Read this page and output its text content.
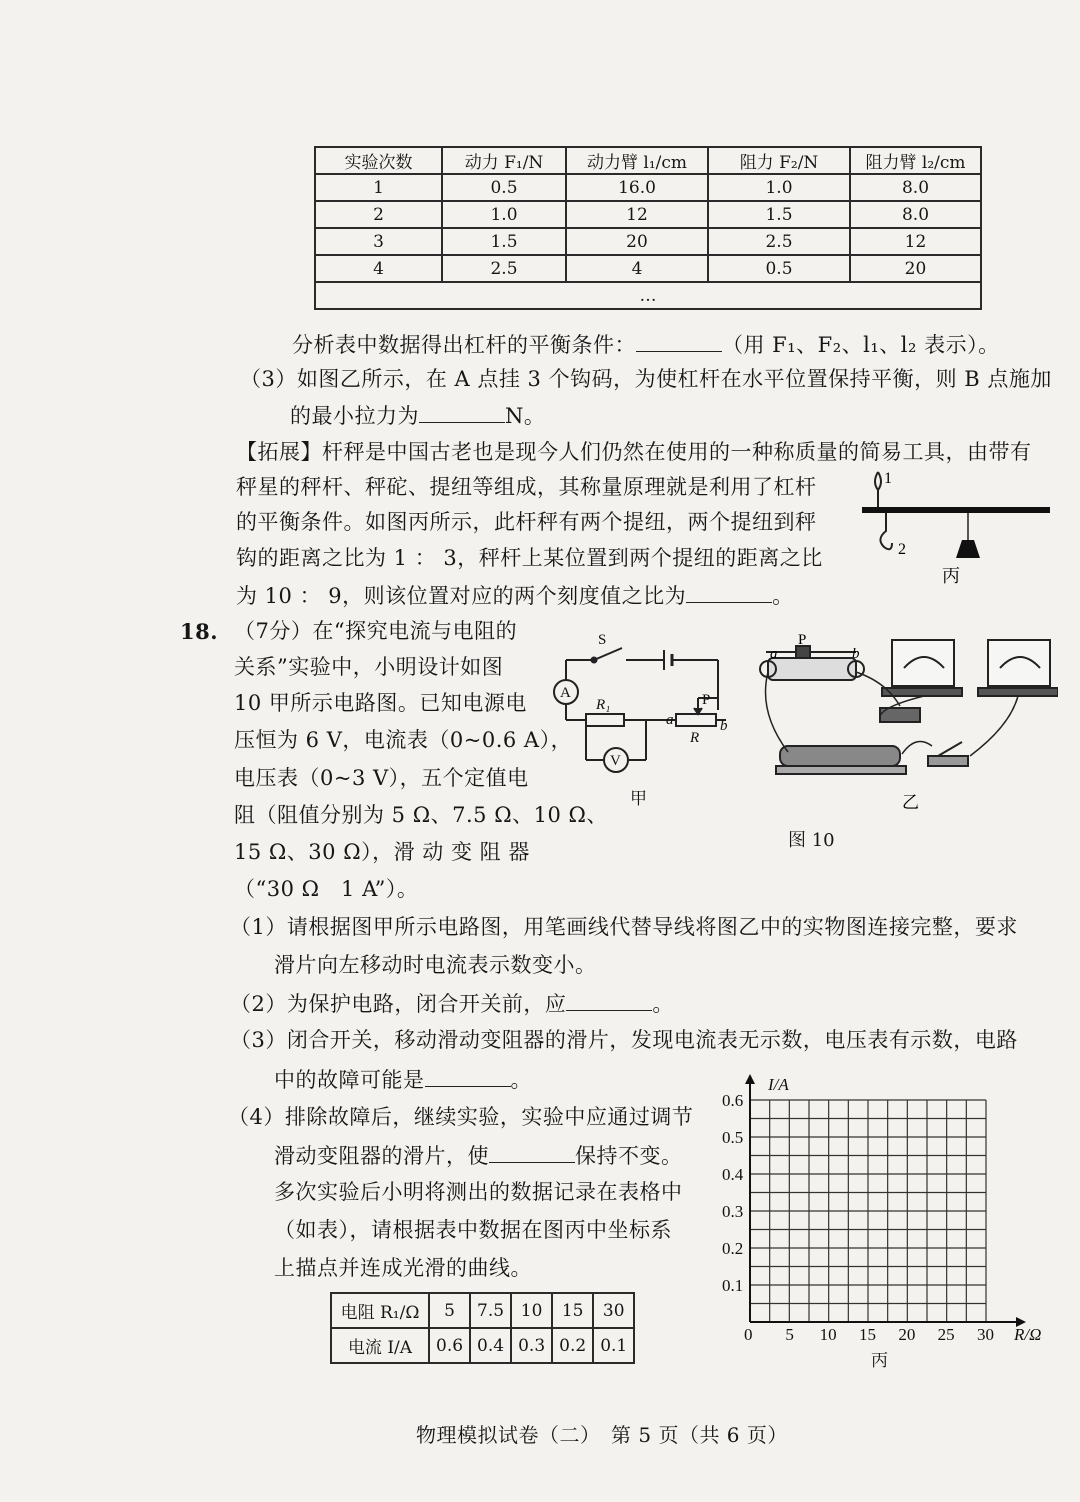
实验次数	动力 F₁/N	动力臂 l₁/cm	阻力 F₂/N	阻力臂 l₂/cm
1	0.5	16.0	1.0	8.0
2	1.0	12	1.5	8.0
3	1.5	20	2.5	12
4	2.5	4	0.5	20
…				
分析表中数据得出杠杆的平衡条件：	（用 F₁、F₂、l₁、l₂ 表示）。
（3）如图乙所示，在 A 点挂 3 个钩码，为使杠杆在水平位置保持平衡，则 B 点施加
的最小拉力为	N。
【拓展】杆秤是中国古老也是现今人们仍然在使用的一种称质量的简易工具，由带有
秤星的秤杆、秤砣、提纽等组成，其称量原理就是利用了杠杆
的平衡条件。如图丙所示，此杆秤有两个提纽，两个提纽到秤
钩的距离之比为 1 ： 3，秤杆上某位置到两个提纽的距离之比
为 10 ： 9，则该位置对应的两个刻度值之比为	。
1
2
丙
18. （7分）在“探究电流与电阻的
关系”实验中，小明设计如图
10 甲所示电路图。已知电源电
压恒为 6 V，电流表（0~0.6 A），
电压表（0~3 V），五个定值电
阻（阻值分别为 5 Ω、7.5 Ω、10 Ω、
15 Ω、30 Ω），滑 动 变 阻 器
（“30 Ω　1 A”）。
S
A
R₁
V
P
a	b
R
甲
a
P
b
乙
图 10
（1）请根据图甲所示电路图，用笔画线代替导线将图乙中的实物图连接完整，要求
滑片向左移动时电流表示数变小。
（2）为保护电路，闭合开关前，应	。
（3）闭合开关，移动滑动变阻器的滑片，发现电流表无示数，电压表有示数，电路
中的故障可能是	。
（4）排除故障后，继续实验，实验中应通过调节
滑动变阻器的滑片，使	保持不变。
多次实验后小明将测出的数据记录在表格中
（如表），请根据表中数据在图丙中坐标系
上描点并连成光滑的曲线。
电阻 R₁/Ω	5	7.5	10	15	30
电流 I/A	0.6	0.4	0.3	0.2	0.1
I/A
R/Ω
0
丙
5 10 15 20 25 30
0.1
0.2
0.3
0.4
0.5
0.6
物理模拟试卷（二）　第 5 页（共 6 页）
